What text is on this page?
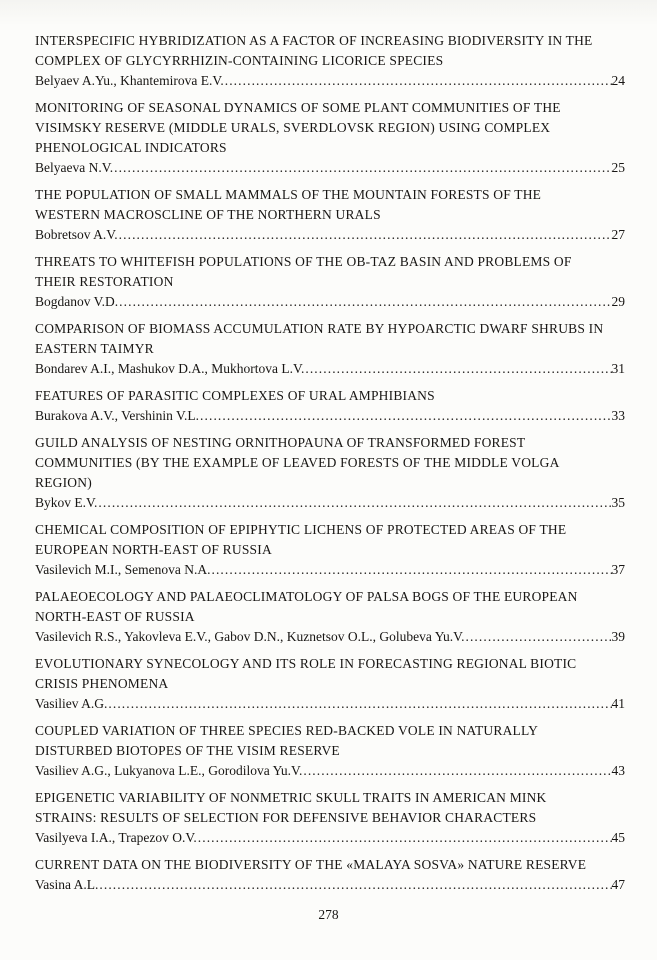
INTERSPECIFIC HYBRIDIZATION AS A FACTOR OF INCREASING BIODIVERSITY IN THE COMPLEX OF GLYCYRRHIZIN-CONTAINING LICORICE SPECIES
Belyaev A.Yu., Khantemirova E.V. .....	24
MONITORING OF SEASONAL DYNAMICS OF SOME PLANT COMMUNITIES OF THE VISIMSKY RESERVE (MIDDLE URALS, SVERDLOVSK REGION) USING COMPLEX PHENOLOGICAL INDICATORS
Belyaeva N.V. .....	25
THE POPULATION OF SMALL MAMMALS OF THE MOUNTAIN FORESTS OF THE WESTERN MACROSCLINE OF THE NORTHERN URALS
Bobretsov A.V. .....	27
THREATS TO WHITEFISH POPULATIONS OF THE OB-TAZ BASIN AND PROBLEMS OF THEIR RESTORATION
Bogdanov V.D. .....	29
COMPARISON OF BIOMASS ACCUMULATION RATE BY HYPOARCTIC DWARF SHRUBS IN EASTERN TAIMYR
Bondarev A.I., Mashukov D.A., Mukhortova L.V. .....	31
FEATURES OF PARASITIC COMPLEXES OF URAL AMPHIBIANS
Burakova A.V., Vershinin V.L. .....	33
GUILD ANALYSIS OF NESTING ORNITHOPAUNA OF TRANSFORMED FOREST COMMUNITIES (BY THE EXAMPLE OF LEAVED FORESTS OF THE MIDDLE VOLGA REGION)
Bykov E.V. .....	35
CHEMICAL COMPOSITION OF EPIPHYTIC LICHENS OF PROTECTED AREAS OF THE EUROPEAN NORTH-EAST OF RUSSIA
Vasilevich M.I., Semenova N.A. .....	37
PALAEOECOLOGY AND PALAEOCLIMATOLOGY OF PALSA BOGS OF THE EUROPEAN NORTH-EAST OF RUSSIA
Vasilevich R.S., Yakovleva E.V., Gabov D.N., Kuznetsov O.L., Golubeva Yu.V. .....	39
EVOLUTIONARY SYNECOLOGY AND ITS ROLE IN FORECASTING REGIONAL BIOTIC CRISIS PHENOMENA
Vasiliev A.G. .....	41
COUPLED VARIATION OF THREE SPECIES RED-BACKED VOLE IN NATURALLY DISTURBED BIOTOPES OF THE VISIM RESERVE
Vasiliev A.G., Lukyanova L.E., Gorodilova Yu.V. .....	43
EPIGENETIC VARIABILITY OF NONMETRIC SKULL TRAITS IN AMERICAN MINK STRAINS: RESULTS OF SELECTION FOR DEFENSIVE BEHAVIOR CHARACTERS
Vasilyeva I.A., Trapezov O.V. .....	45
CURRENT DATA ON THE BIODIVERSITY OF THE «MALAYA SOSVA» NATURE RESERVE
Vasina A.L. .....	47
278
